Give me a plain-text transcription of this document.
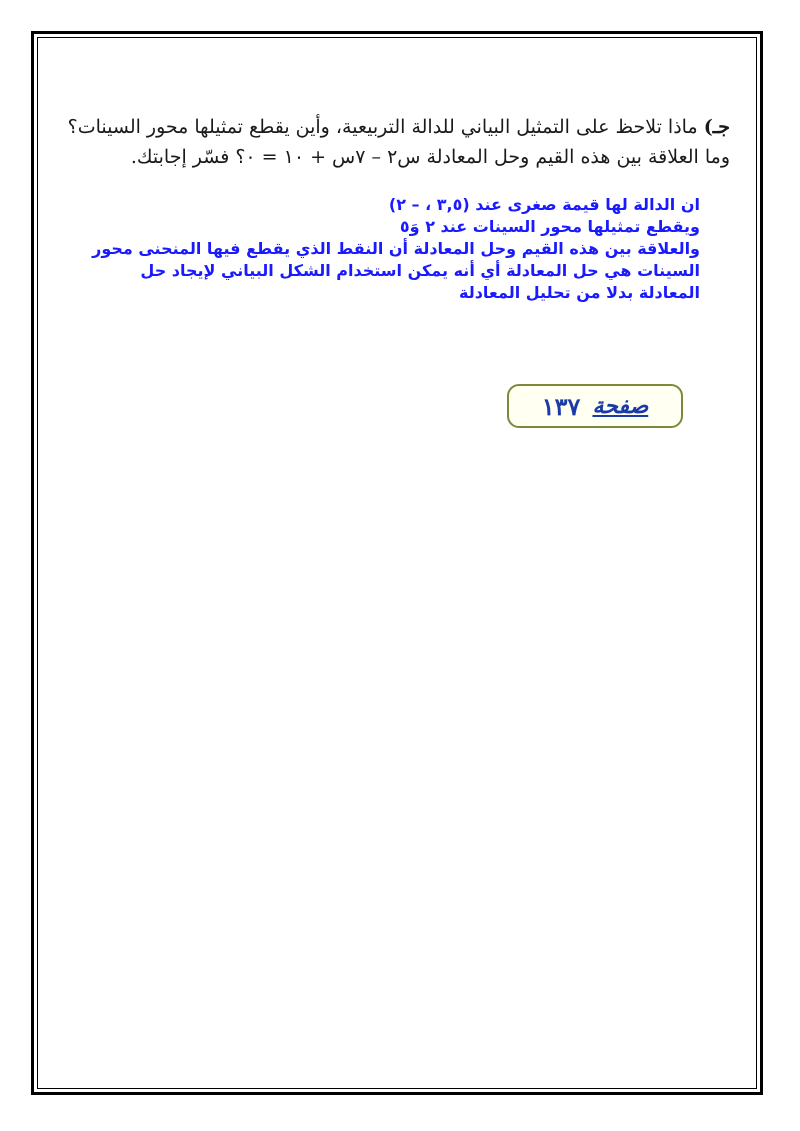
جـ) ماذا تلاحظ على التمثيل البياني للدالة التربيعية، وأين يقطع تمثيلها محور السينات؟
وما العلاقة بين هذه القيم وحل المعادلة س٢ – ٧س + ١٠ = ٠؟ فسّر إجابتك.
ان الدالة لها قيمة صغرى عند (٣,٥ ، – ٢)
ويقطع تمثيلها محور السينات عند ٢ وَ٥
والعلاقة بين هذه القيم وحل المعادلة أن النقط الذي يقطع فيها المنحنى محور
السينات هي حل المعادلة أي أنه يمكن استخدام الشكل البياني لإيجاد حل
المعادلة بدلا من تحليل المعادلة
صفحة
١٣٧
